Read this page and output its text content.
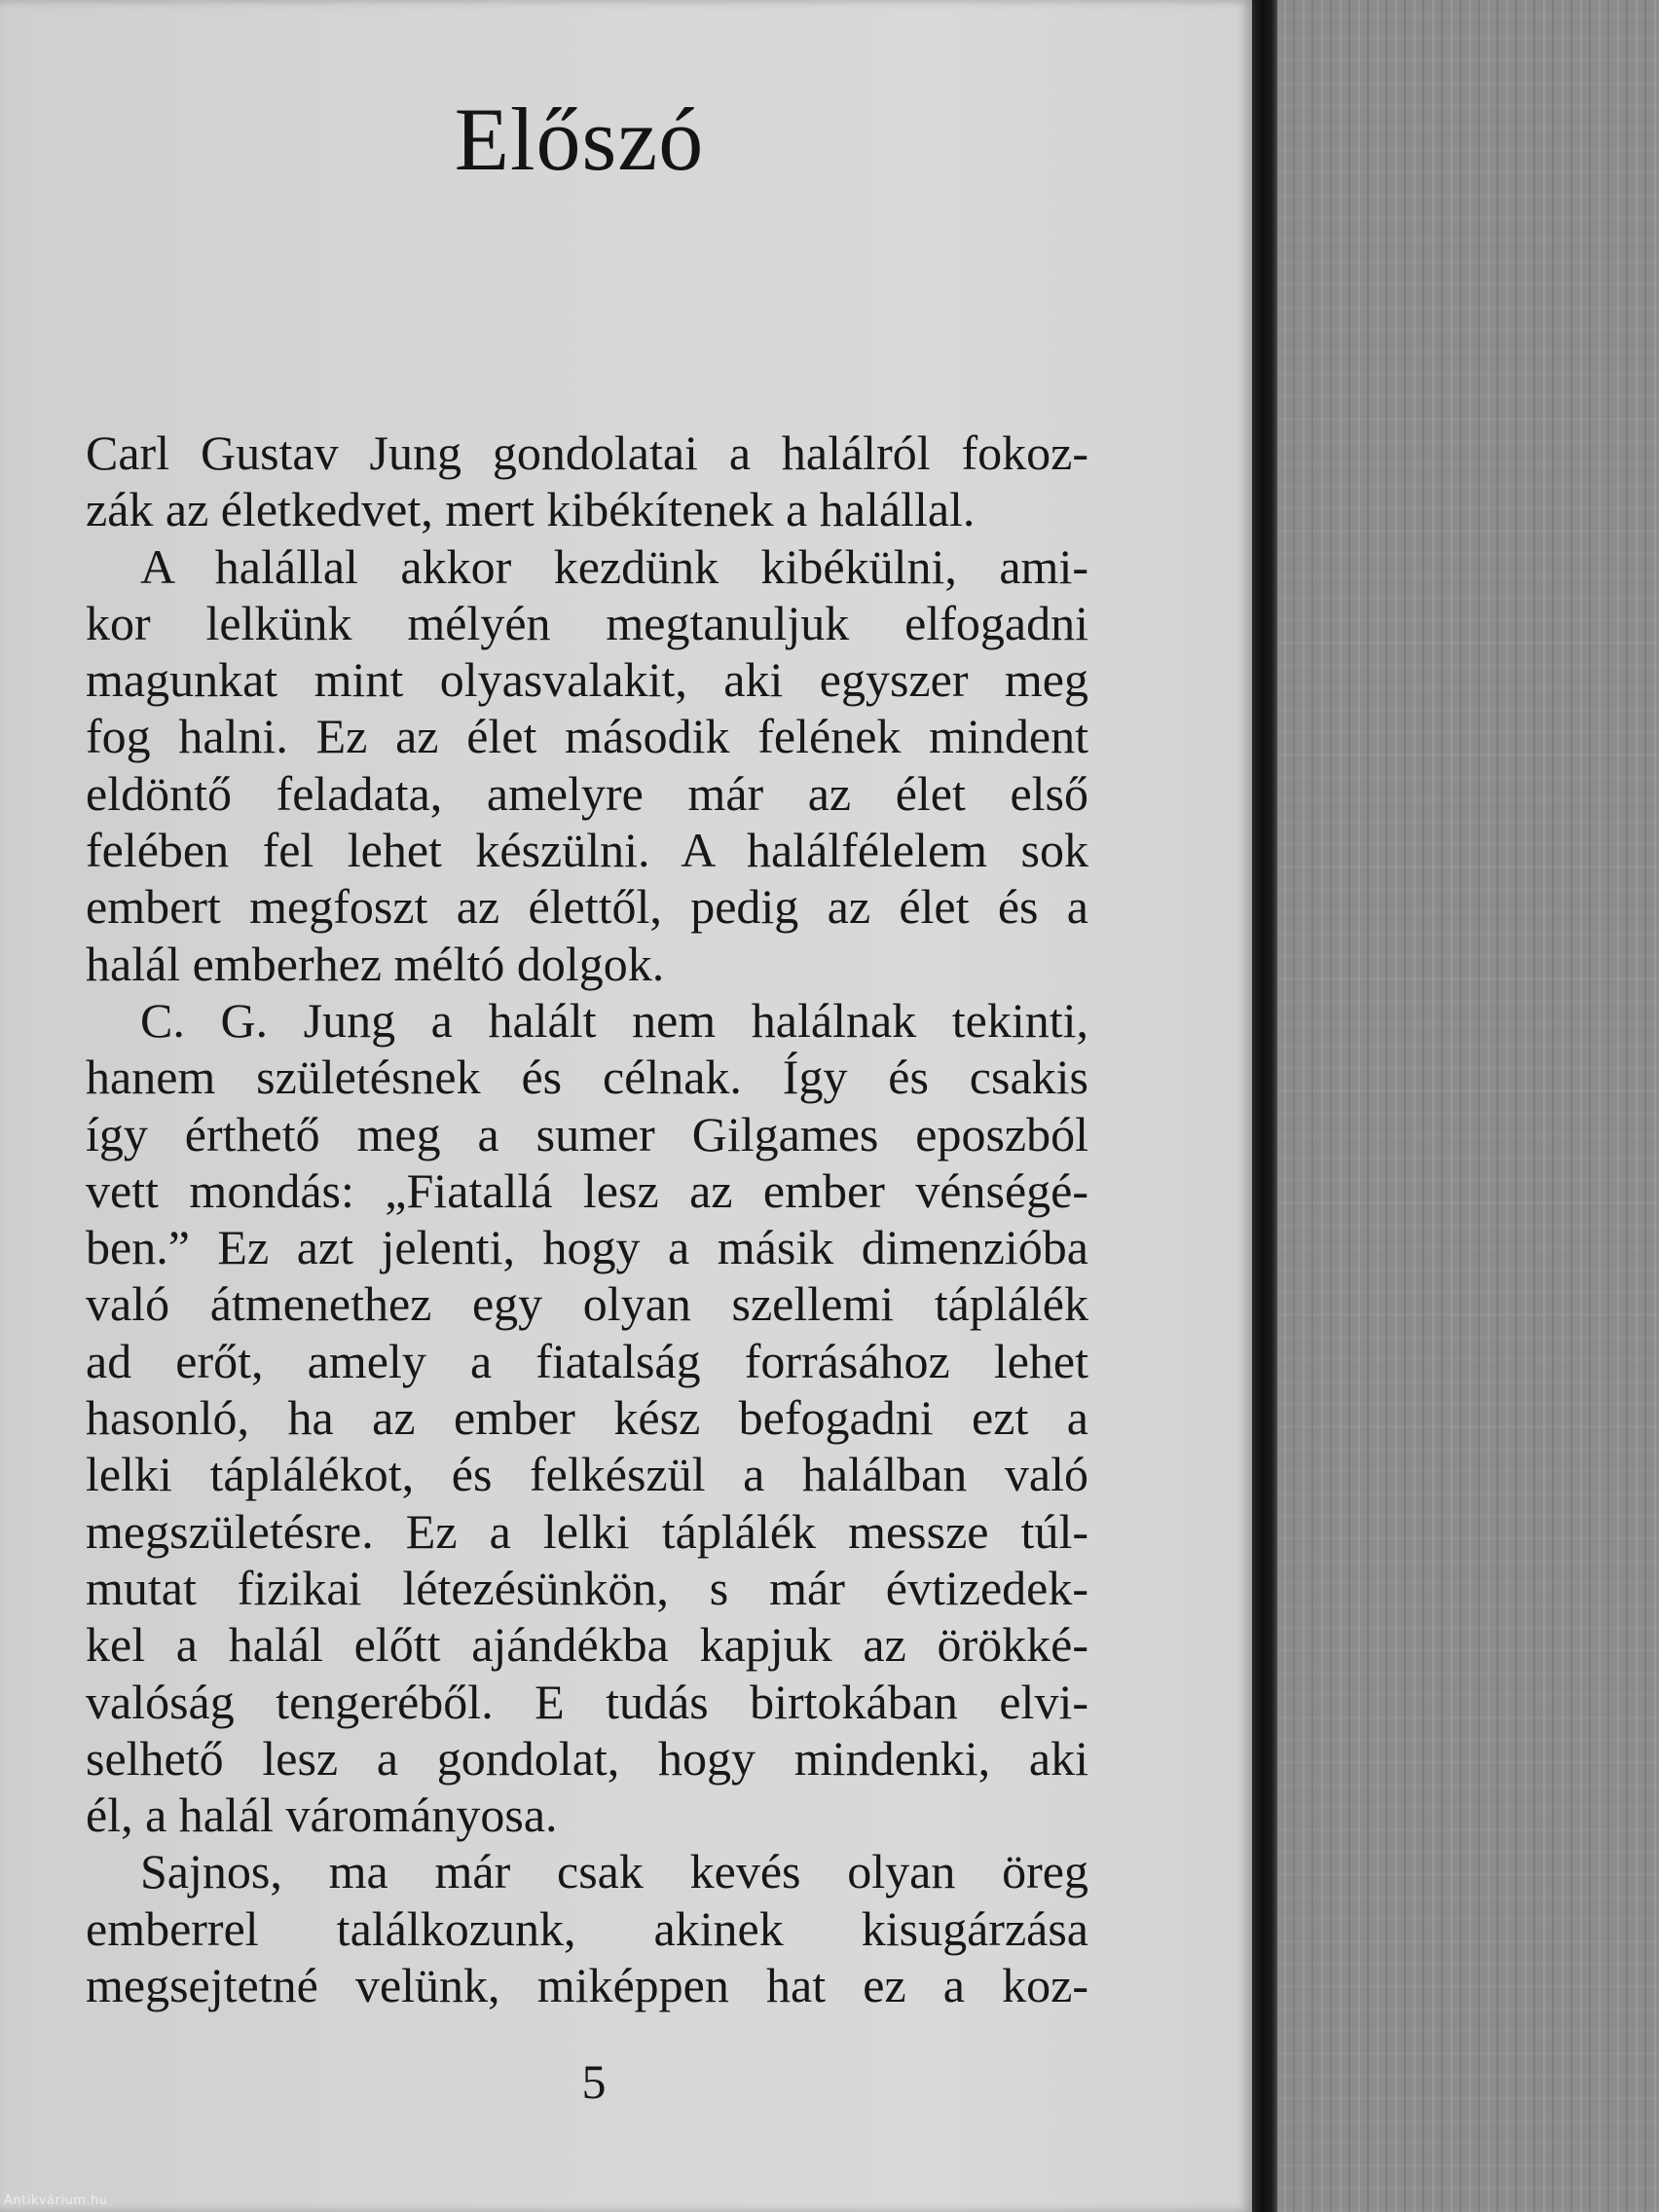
Előszó
Carl Gustav Jung gondolatai a halálról fokoz-
zák az életkedvet, mert kibékítenek a halállal.
A halállal akkor kezdünk kibékülni, ami-
kor lelkünk mélyén megtanuljuk elfogadni
magunkat mint olyasvalakit, aki egyszer meg
fog halni. Ez az élet második felének mindent
eldöntő feladata, amelyre már az élet első
felében fel lehet készülni. A halálfélelem sok
embert megfoszt az élettől, pedig az élet és a
halál emberhez méltó dolgok.
C. G. Jung a halált nem halálnak tekinti,
hanem születésnek és célnak. Így és csakis
így érthető meg a sumer Gilgames eposzból
vett mondás: „Fiatallá lesz az ember vénségé-
ben.” Ez azt jelenti, hogy a másik dimenzióba
való átmenethez egy olyan szellemi táplálék
ad erőt, amely a fiatalság forrásához lehet
hasonló, ha az ember kész befogadni ezt a
lelki táplálékot, és felkészül a halálban való
megszületésre. Ez a lelki táplálék messze túl-
mutat fizikai létezésünkön, s már évtizedek-
kel a halál előtt ajándékba kapjuk az örökké-
valóság tengeréből. E tudás birtokában elvi-
selhető lesz a gondolat, hogy mindenki, aki
él, a halál várományosa.
Sajnos, ma már csak kevés olyan öreg
emberrel találkozunk, akinek kisugárzása
megsejtetné velünk, miképpen hat ez a koz-
5
Antikvárium.hu
